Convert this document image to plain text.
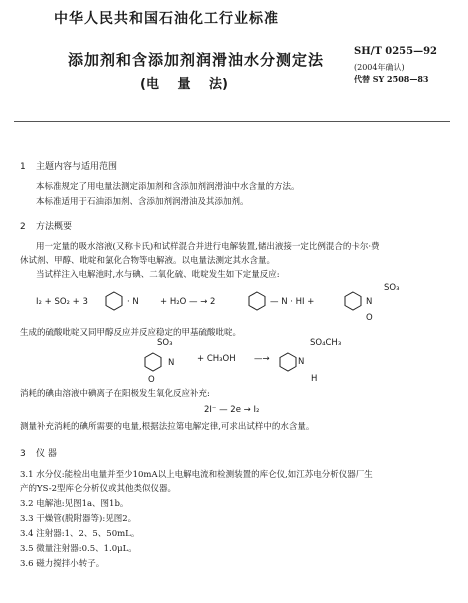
中华人民共和国石油化工行业标准
添加剂和含添加剂润滑油水分测定法
(电 量 法)
SH/T 0255—92
(2004年确认)
代替 SY 2508—83
1 主题内容与适用范围
本标准规定了用电量法测定添加剂和含添加剂润滑油中水含量的方法。
本标准适用于石油添加剂、含添加剂润滑油及其添加剂。
2 方法概要
用一定量的吸水溶液(又称卡氏)和试样混合并进行电解装置,储出液接一定比例混合的卡尔·费
休试剂、甲醇、吡啶和氯化合物等电解液。以电量法测定其水含量。
当试样注入电解池时,水与碘、二氧化硫、吡啶发生如下定量反应:
I₂ + SO₂ + 3	· N + H₂O — → 2	— N · HI +	N
SO₃
O
生成的硫酸吡啶又同甲醇反应并反应稳定的甲基硫酸吡啶。
SO₃
N	+ CH₃OH —→	N
SO₄CH₃
O	H
消耗的碘由溶液中碘离子在阳极发生氧化反应补充:
2I⁻ — 2e → I₂
测量补充消耗的碘所需要的电量,根据法拉第电解定律,可求出试样中的水含量。
3 仪 器
3.1 水分仪:能检出电量并至少10mA以上电解电流和检测装置的库仑仪,如江苏电分析仪器厂生
产的YS-2型库仑分析仪或其他类似仪器。
3.2 电解池:见图1a、图1b。
3.3 干燥管(脱附器等):见图2。
3.4 注射器:1、2、5、50mL。
3.5 微量注射器:0.5、1.0μL。
3.6 磁力搅拌小转子。
